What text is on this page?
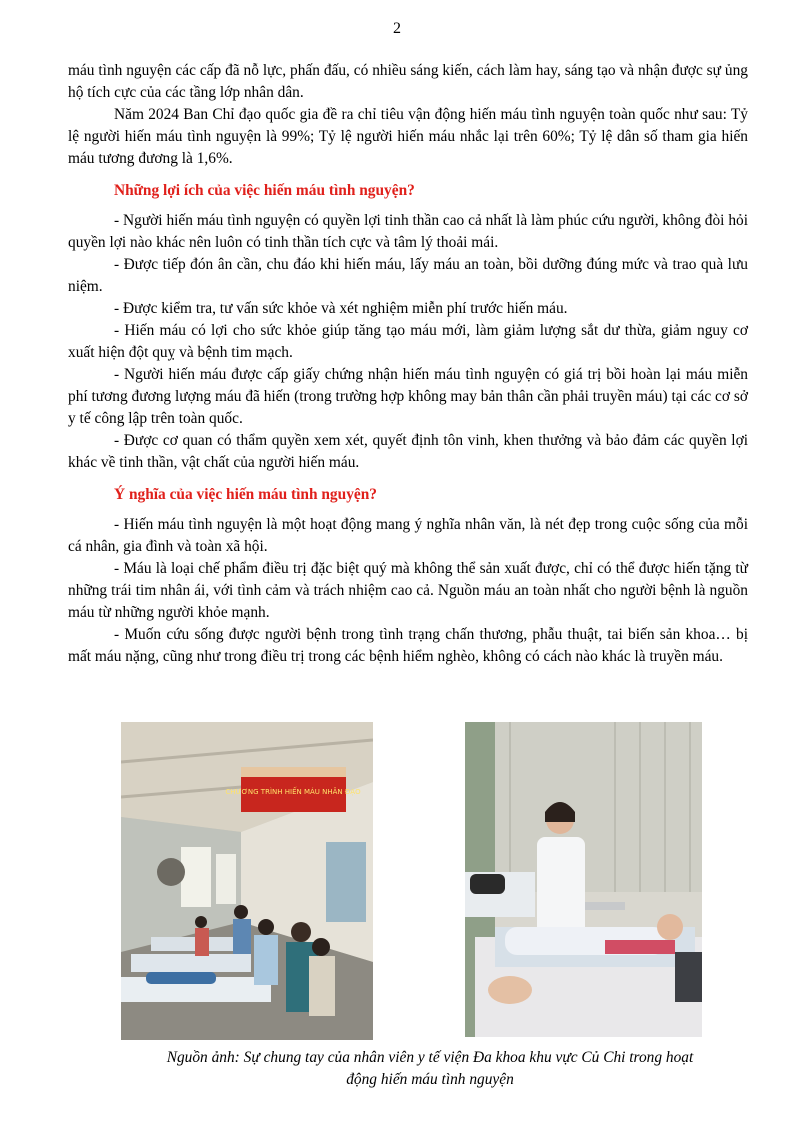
2

máu tình nguyện các cấp đã nỗ lực, phấn đấu, có nhiều sáng kiến, cách làm hay, sáng tạo và nhận được sự ủng hộ tích cực của các tầng lớp nhân dân.

Năm 2024 Ban Chỉ đạo quốc gia đề ra chỉ tiêu vận động hiến máu tình nguyện toàn quốc như sau: Tỷ lệ người hiến máu tình nguyện là 99%; Tỷ lệ người hiến máu nhắc lại trên 60%; Tỷ lệ dân số tham gia hiến máu tương đương là 1,6%.

Những lợi ích của việc hiến máu tình nguyện?

- Người hiến máu tình nguyện có quyền lợi tinh thần cao cả nhất là làm phúc cứu người, không đòi hỏi quyền lợi nào khác nên luôn có tinh thần tích cực và tâm lý thoải mái.

- Được tiếp đón ân cần, chu đáo khi hiến máu, lấy máu an toàn, bồi dưỡng đúng mức và trao quà lưu niệm.

- Được kiểm tra, tư vấn sức khỏe và xét nghiệm miễn phí trước hiến máu.

- Hiến máu có lợi cho sức khỏe giúp tăng tạo máu mới, làm giảm lượng sắt dư thừa, giảm nguy cơ xuất hiện đột quỵ và bệnh tim mạch.

- Người hiến máu được cấp giấy chứng nhận hiến máu tình nguyện có giá trị bồi hoàn lại máu miễn phí tương đương lượng máu đã hiến (trong trường hợp không may bản thân cần phải truyền máu) tại các cơ sở y tế công lập trên toàn quốc.

- Được cơ quan có thẩm quyền xem xét, quyết định tôn vinh, khen thưởng và bảo đảm các quyền lợi khác về tinh thần, vật chất của người hiến máu.

Ý nghĩa của việc hiến máu tình nguyện?

- Hiến máu tình nguyện là một hoạt động mang ý nghĩa nhân văn, là nét đẹp trong cuộc sống của mỗi cá nhân, gia đình và toàn xã hội.

- Máu là loại chế phẩm điều trị đặc biệt quý mà không thể sản xuất được, chỉ có thể được hiến tặng từ những trái tim nhân ái, với tình cảm và trách nhiệm cao cả. Nguồn máu an toàn nhất cho người bệnh là nguồn máu từ những người khỏe mạnh.

- Muốn cứu sống được người bệnh trong tình trạng chấn thương, phẫu thuật, tai biến sản khoa… bị mất máu nặng, cũng như trong điều trị trong các bệnh hiểm nghèo, không có cách nào khác là truyền máu.

CHƯƠNG TRÌNH HIẾN MÁU NHÂN ĐẠO
Nguồn ảnh: Sự chung tay của nhân viên y tế viện Đa khoa khu vực Củ Chi trong hoạt
động hiến máu tình nguyện
